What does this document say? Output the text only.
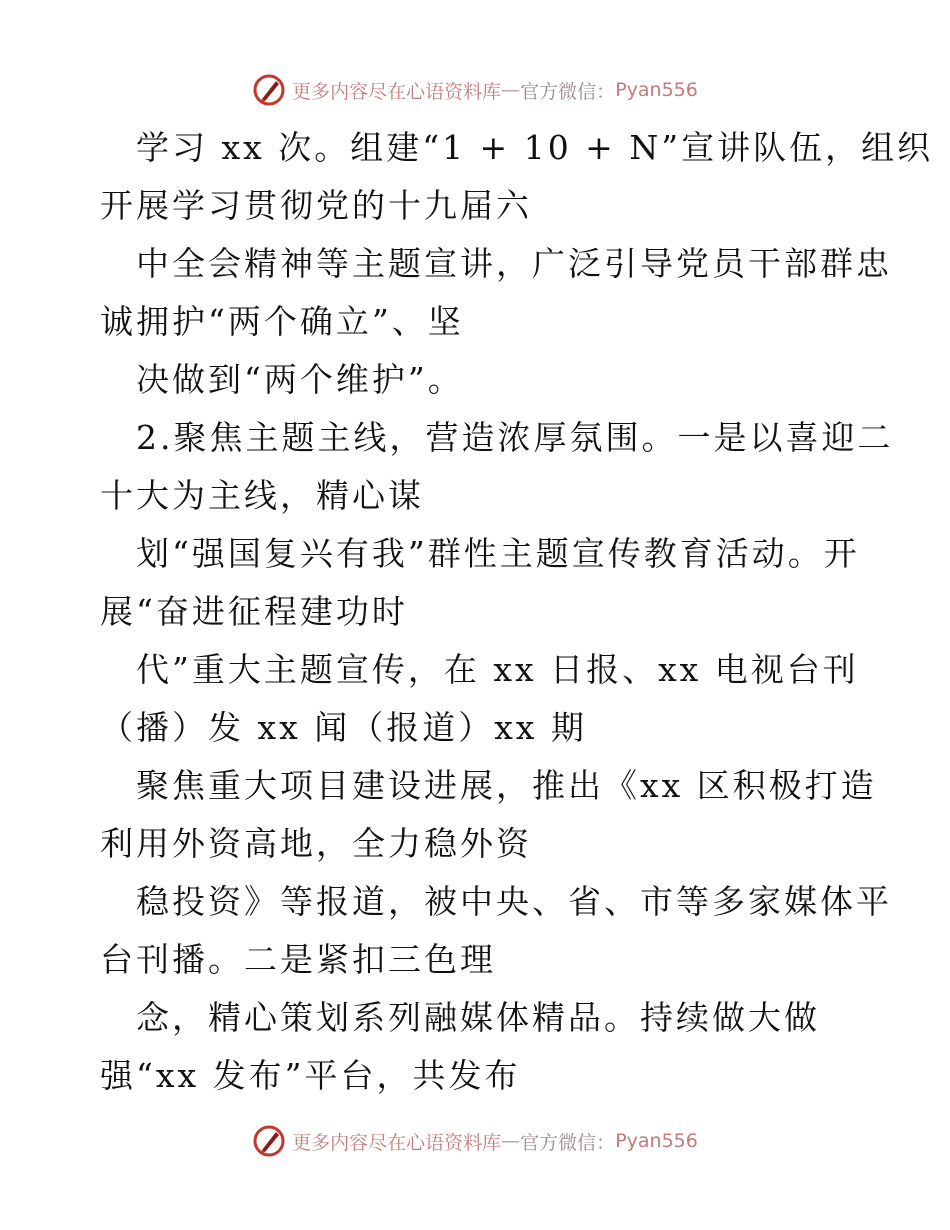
更多内容尽在心语资料库 — 官方微信： Pyan556
学习 xx 次。组建“1 + 10 + N”宣讲队伍，组织
开展学习贯彻党的十九届六
中全会精神等主题宣讲，广泛引导党员干部群忠
诚拥护“两个确立”、坚
决做到“两个维护”。
2.聚焦主题主线，营造浓厚氛围。一是以喜迎二
十大为主线，精心谋
划“强国复兴有我”群性主题宣传教育活动。开
展“奋进征程建功时
代”重大主题宣传，在 xx 日报、xx 电视台刊
（播）发 xx 闻（报道）xx 期
聚焦重大项目建设进展，推出《xx 区积极打造
利用外资高地，全力稳外资
稳投资》等报道，被中央、省、市等多家媒体平
台刊播。二是紧扣三色理
念，精心策划系列融媒体精品。持续做大做
强“xx 发布”平台，共发布
更多内容尽在心语资料库 — 官方微信： Pyan556
